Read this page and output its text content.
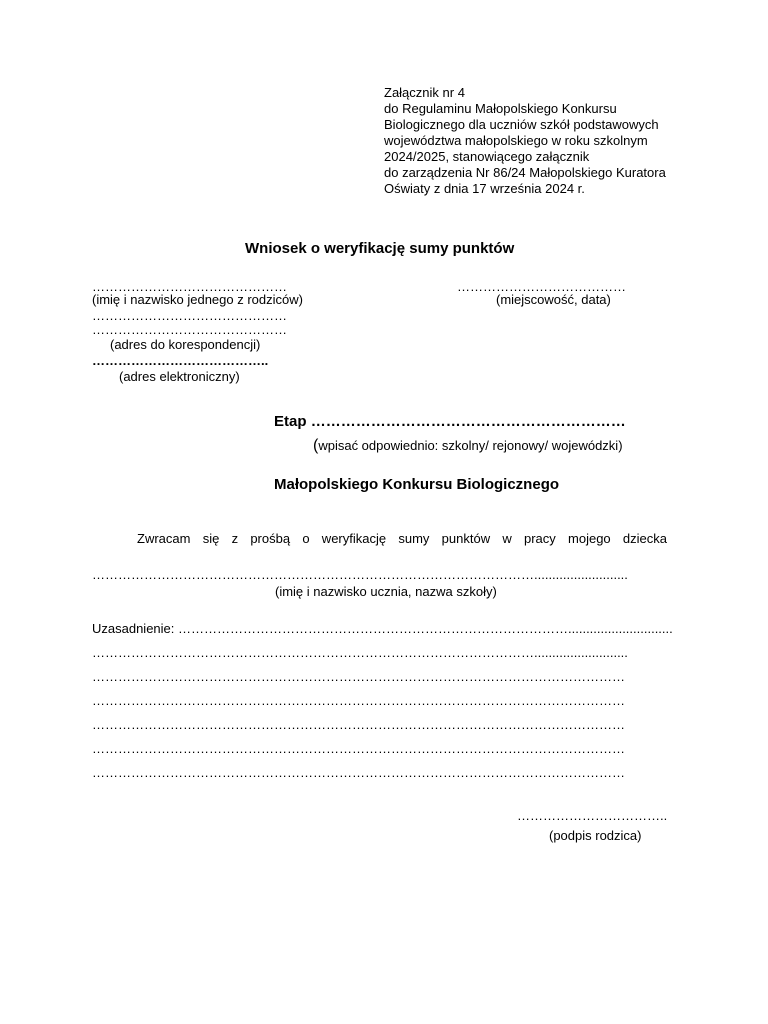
Załącznik nr 4
do Regulaminu Małopolskiego Konkursu
Biologicznego dla uczniów szkół podstawowych
województwa małopolskiego w roku szkolnym
2024/2025, stanowiącego załącznik
do zarządzenia Nr 86/24 Małopolskiego Kuratora
Oświaty z dnia 17 września 2024 r.
Wniosek o weryfikację sumy punktów
………………………………………
(imię i nazwisko jednego z rodziców)
………………………………………
………………………………………
(adres do korespondencji)
…………………………………..
(adres elektroniczny)
…………………………………
(miejscowość, data)
Etap ………………………………………………………
(wpisać odpowiednio: szkolny/ rejonowy/ wojewódzki)
Małopolskiego Konkursu Biologicznego
Zwracam się z prośbą o weryfikację sumy punktów w pracy mojego dziecka
…………………………………………………………………………………………..........................
(imię i nazwisko ucznia, nazwa szkoły)
Uzasadnienie: ……………………………………………………………………………….............................
…………………………………………………………………………………………..........................
……………………………………………………………………………………………………………
……………………………………………………………………………………………………………
……………………………………………………………………………………………………………
……………………………………………………………………………………………………………
……………………………………………………………………………………………………………
……………………………..
(podpis rodzica)
